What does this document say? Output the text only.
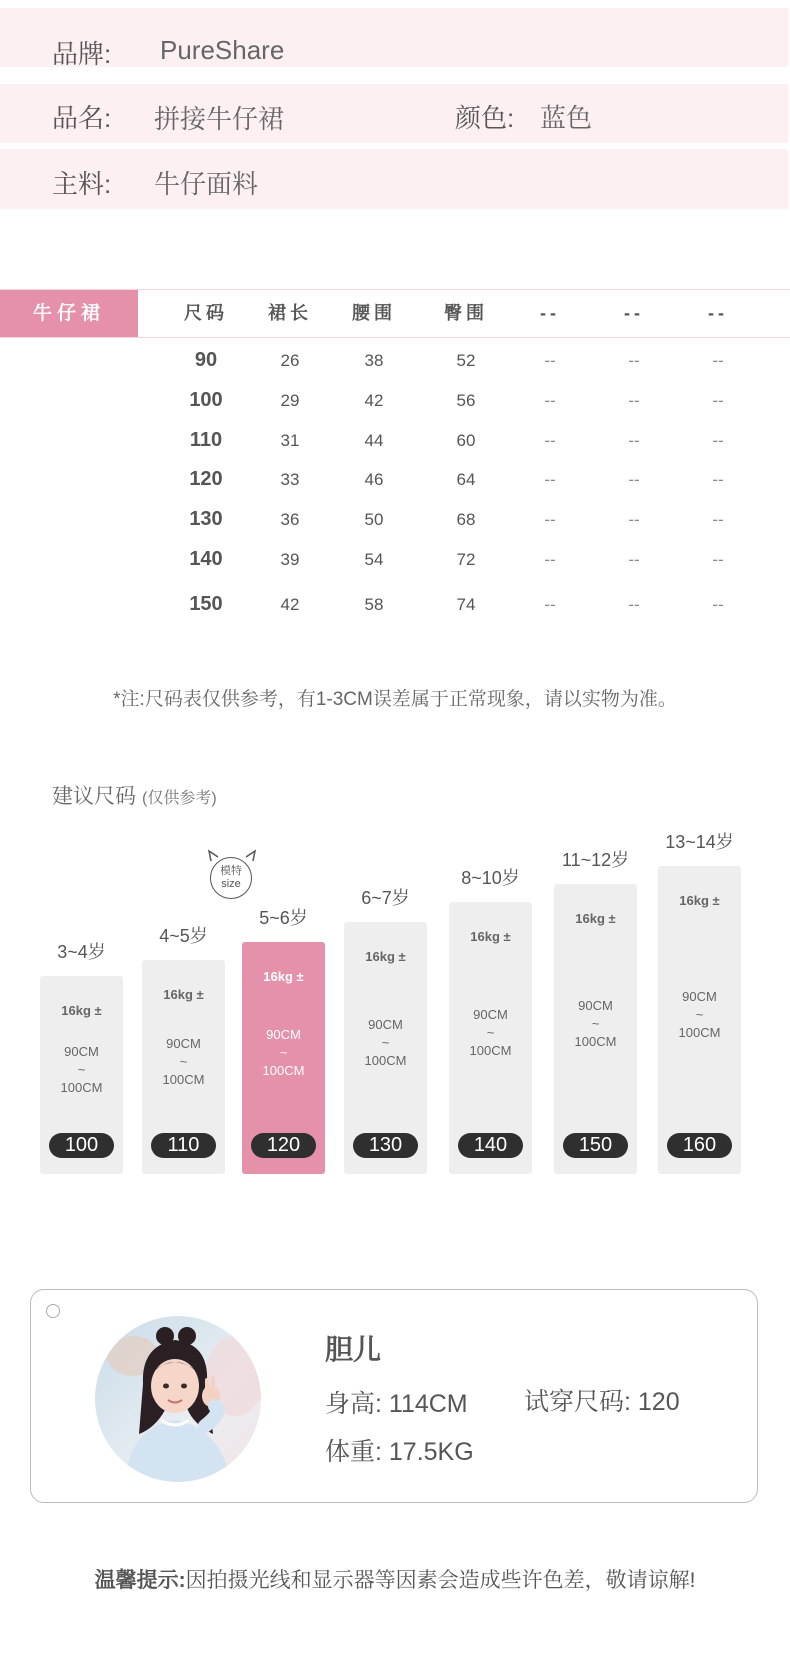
品牌: PureShare
品名: 拼接牛仔裙	颜色: 蓝色
主料: 牛仔面料
牛仔裙	尺码	裙长	腰围	臀围	--	--	--
90	26	38	52	--	--	--
100	29	42	56	--	--	--
110	31	44	60	--	--	--
120	33	46	64	--	--	--
130	36	50	68	--	--	--
140	39	54	72	--	--	--
150	42	58	74	--	--	--
*注:尺码表仅供参考，有1-3CM误差属于正常现象，请以实物为准。
建议尺码 (仅供参考)
模特
size
3~4岁
16kg ±
90CM
~
100CM
100
4~5岁
16kg ±
90CM
~
100CM
110
5~6岁
16kg ±
90CM
~
100CM
120
6~7岁
16kg ±
90CM
~
100CM
130
8~10岁
16kg ±
90CM
~
100CM
140
11~12岁
16kg ±
90CM
~
100CM
150
13~14岁
16kg ±
90CM
~
100CM
160
胆儿
身高: 114CM 试穿尺码: 120
体重: 17.5KG
温馨提示:因拍摄光线和显示器等因素会造成些许色差，敬请谅解!
